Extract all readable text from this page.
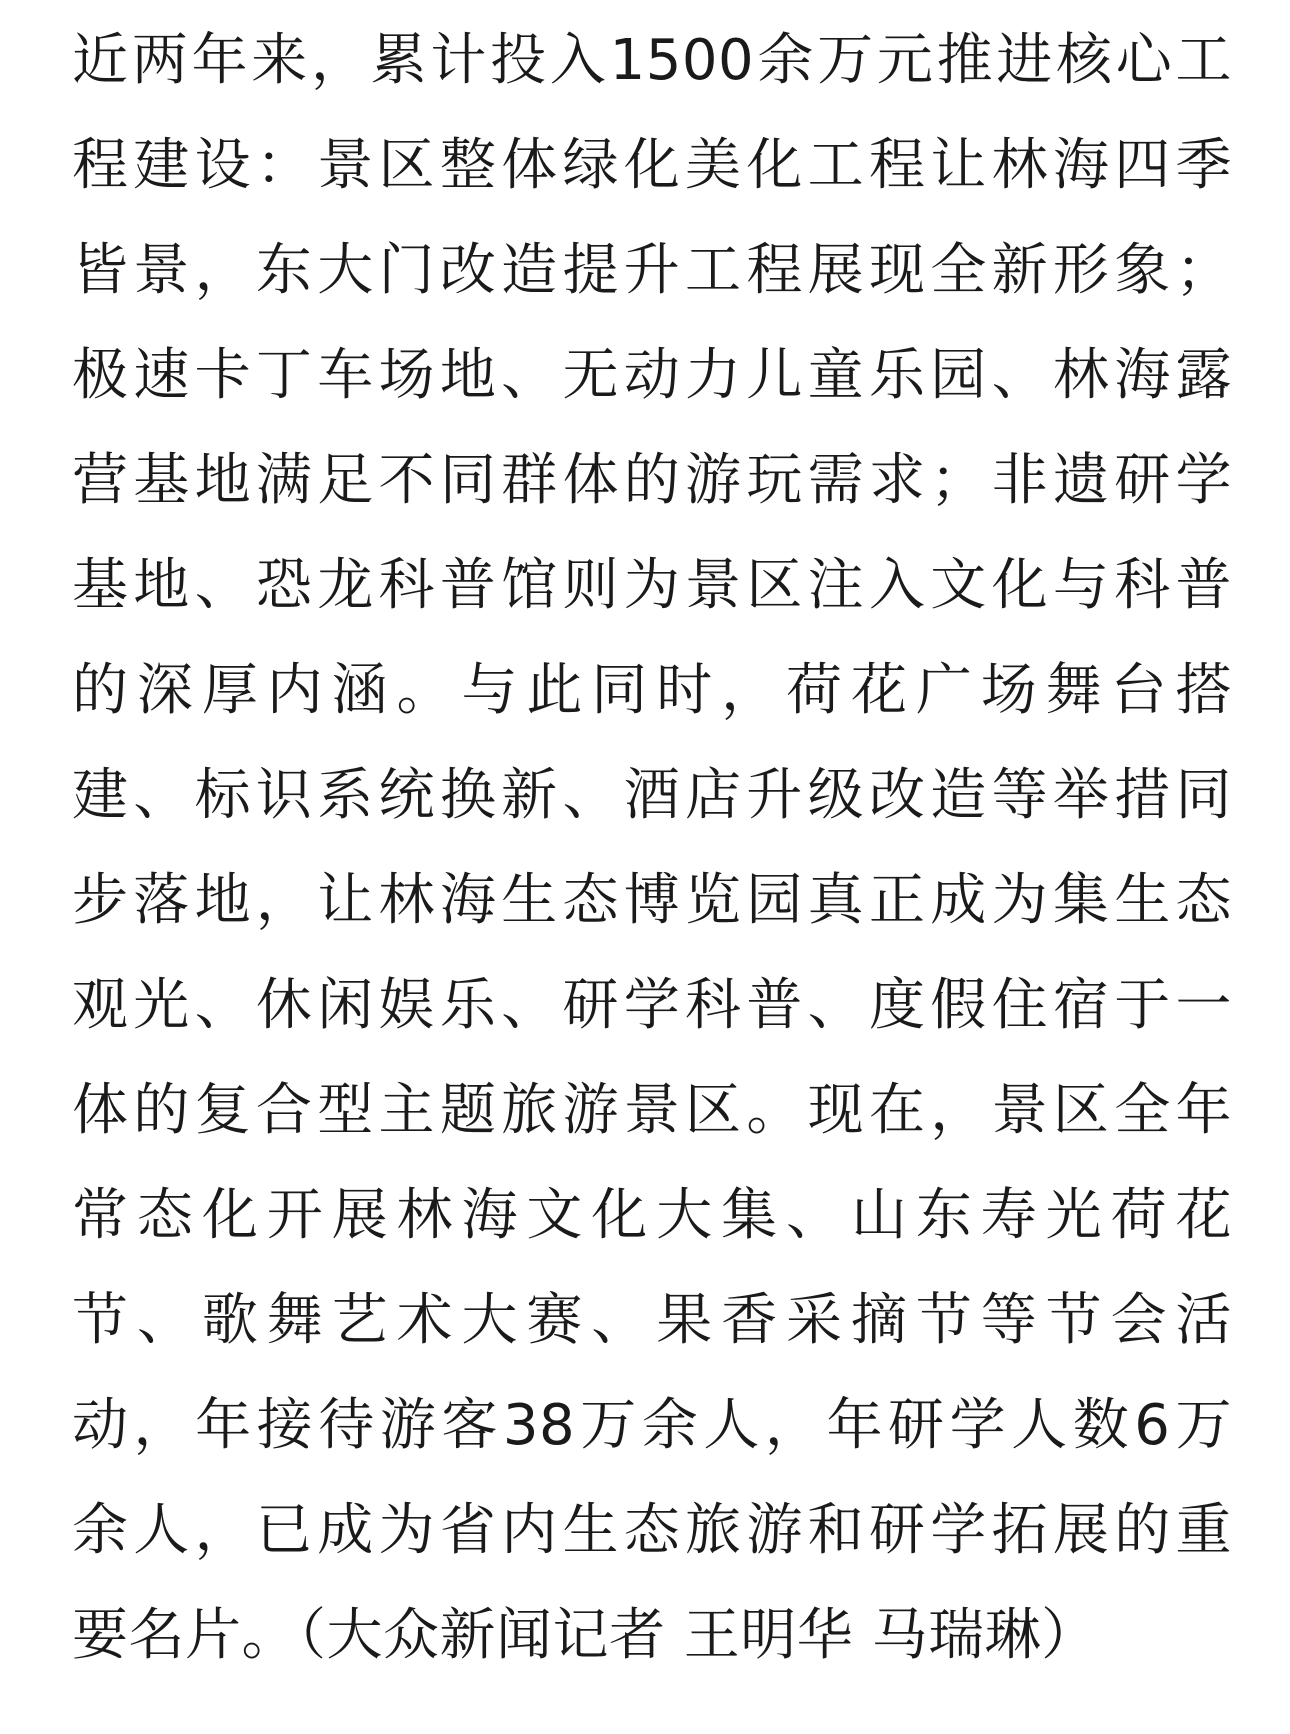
近两年来，累计投入1500余万元推进核心工
程建设：景区整体绿化美化工程让林海四季
皆景，东大门改造提升工程展现全新形象；
极速卡丁车场地、无动力儿童乐园、林海露
营基地满足不同群体的游玩需求；非遗研学
基地、恐龙科普馆则为景区注入文化与科普
的深厚内涵。与此同时，荷花广场舞台搭
建、标识系统换新、酒店升级改造等举措同
步落地，让林海生态博览园真正成为集生态
观光、休闲娱乐、研学科普、度假住宿于一
体的复合型主题旅游景区。现在，景区全年
常态化开展林海文化大集、山东寿光荷花
节、歌舞艺术大赛、果香采摘节等节会活
动，年接待游客38万余人，年研学人数6万
余人，已成为省内生态旅游和研学拓展的重
要名片。（大众新闻记者 王明华 马瑞琳）
